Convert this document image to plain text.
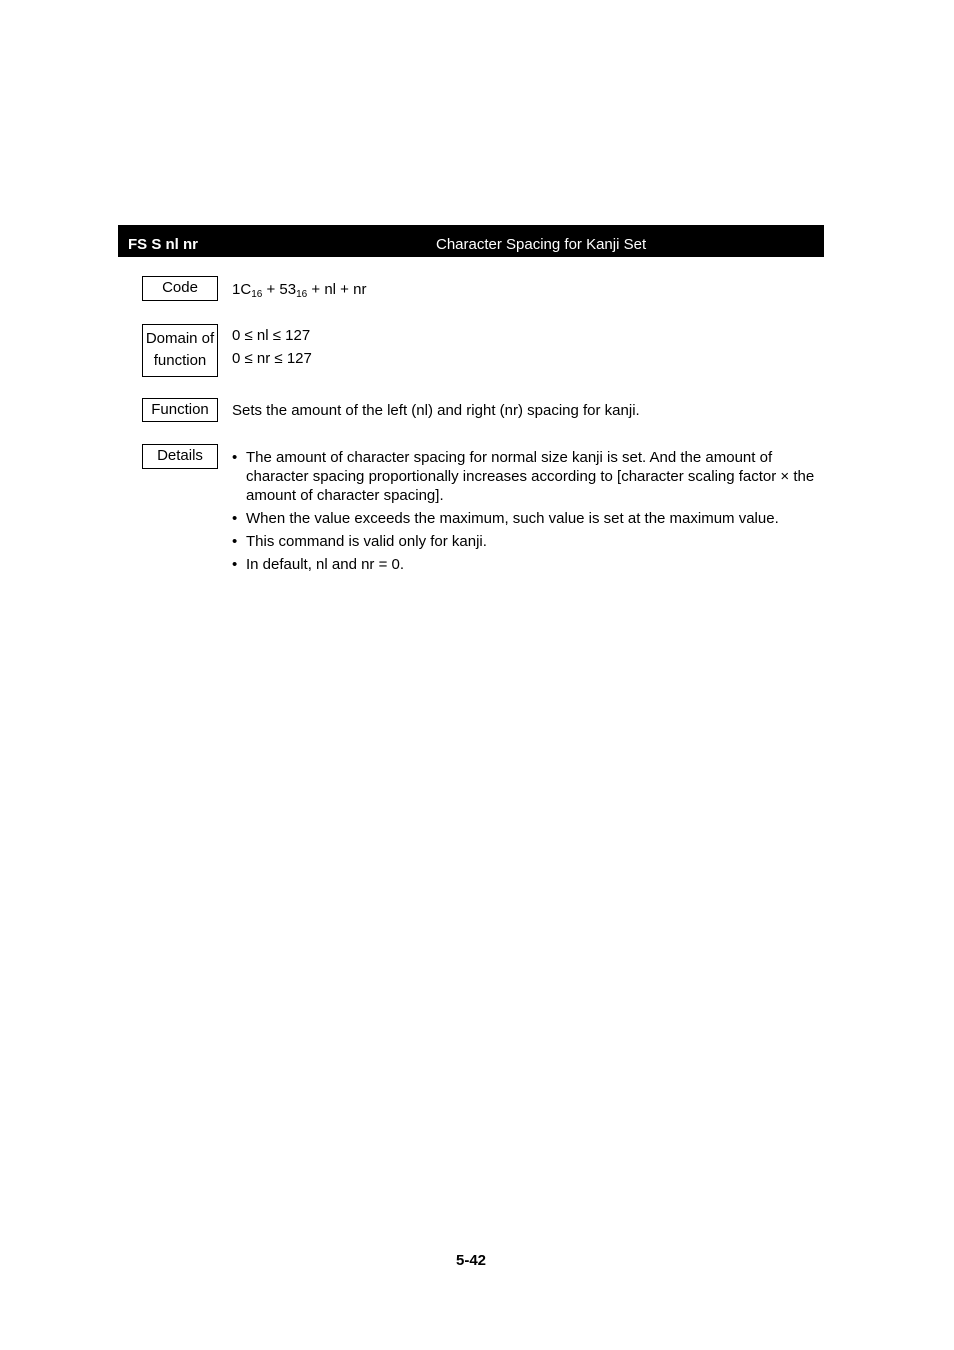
FS S nl nr	Character Spacing for Kanji Set
Code	$1C_{16} + 53_{16}$ + nl + nr
Domain of
function
0 ≤ nl ≤ 127
0 ≤ nr ≤ 127
Function	Sets the amount of the left (nl) and right (nr) spacing for kanji.
Details
•	The amount of character spacing for normal size kanji is set. And the amount of character spacing proportionally increases according to [character scaling factor × the amount of character spacing].
• When the value exceeds the maximum, such value is set at the maximum value.
• This command is valid only for kanji.
• In default, nl and nr = 0.
5-42
